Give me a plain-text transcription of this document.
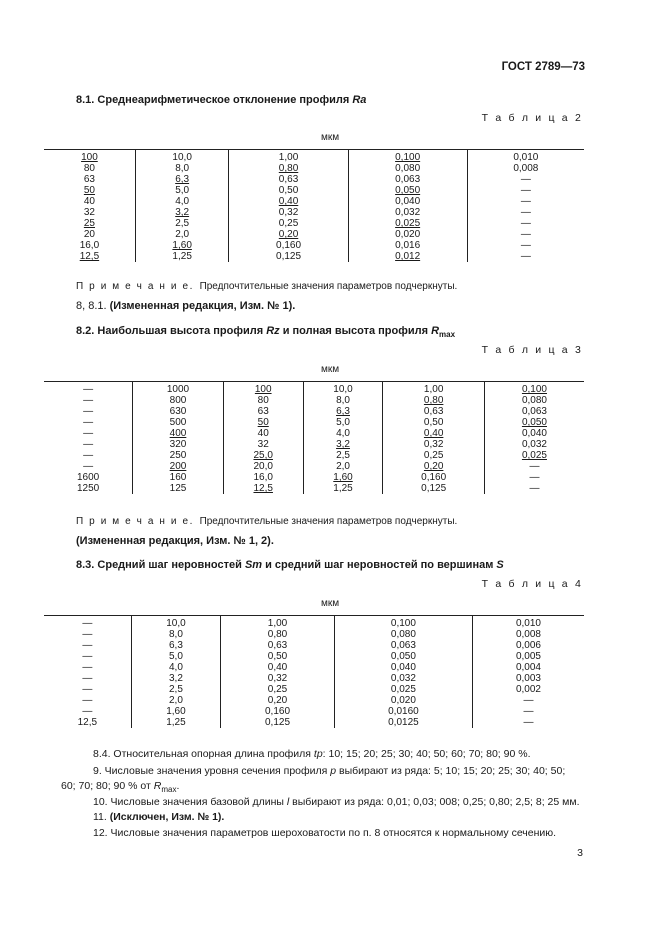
ГОСТ 2789—73
8.1. Среднеарифметическое отклонение профиля Ra
Т а б л и ц а 2
мкм
100	10,0	1,00	0,100	0,010
80	8,0	0,80	0,080	0,008
63	6,3	0,63	0,063	—
50	5,0	0,50	0,050	—
40	4,0	0,40	0,040	—
32	3,2	0,32	0,032	—
25	2,5	0,25	0,025	—
20	2,0	0,20	0,020	—
16,0	1,60	0,160	0,016	—
12,5	1,25	0,125	0,012	—
П р и м е ч а н и е. Предпочтительные значения параметров подчеркнуты.
8, 8.1. (Измененная редакция, Изм. № 1).
8.2. Наибольшая высота профиля Rz и полная высота профиля $R_{max}$
Т а б л и ц а 3
мкм
—	1000	100	10,0	1,00	0,100
—	800	80	8,0	0,80	0,080
—	630	63	6,3	0,63	0,063
—	500	50	5,0	0,50	0,050
—	400	40	4,0	0,40	0,040
—	320	32	3,2	0,32	0,032
—	250	25,0	2,5	0,25	0,025
—	200	20,0	2,0	0,20	—
1600	160	16,0	1,60	0,160	—
1250	125	12,5	1,25	0,125	—
П р и м е ч а н и е. Предпочтительные значения параметров подчеркнуты.
(Измененная редакция, Изм. № 1, 2).
8.3. Средний шаг неровностей Sm и средний шаг неровностей по вершинам S
Т а б л и ц а 4
мкм
—	10,0	1,00	0,100	0,010
—	8,0	0,80	0,080	0,008
—	6,3	0,63	0,063	0,006
—	5,0	0,50	0,050	0,005
—	4,0	0,40	0,040	0,004
—	3,2	0,32	0,032	0,003
—	2,5	0,25	0,025	0,002
—	2,0	0,20	0,020	—
—	1,60	0,160	0,0160	—
12,5	1,25	0,125	0,0125	—
8.4. Относительная опорная длина профиля tp: 10; 15; 20; 25; 30; 40; 50; 60; 70; 80; 90 %.
9. Числовые значения уровня сечения профиля р выбирают из ряда: 5; 10; 15; 20; 25; 30; 40; 50;
60; 70; 80; 90 % от $R_{max}$.
10. Числовые значения базовой длины l выбирают из ряда: 0,01; 0,03; 008; 0,25; 0,80; 2,5; 8; 25 мм.
11. (Исключен, Изм. № 1).
12. Числовые значения параметров шероховатости по п. 8 относятся к нормальному сечению.
3
